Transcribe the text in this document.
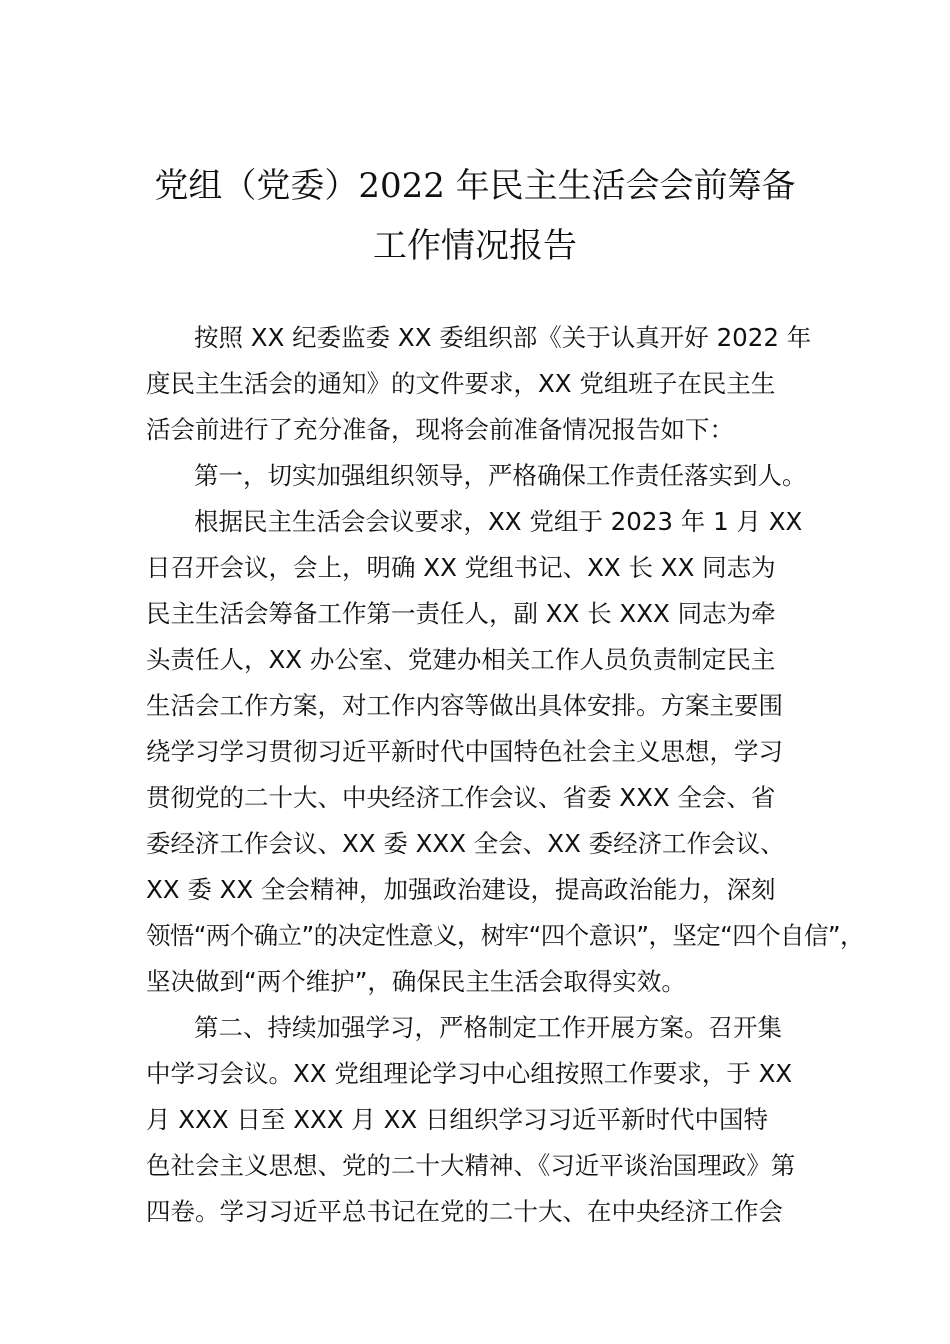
党组（党委）2022 年民主生活会会前筹备
工作情况报告

按照 XX 纪委监委 XX 委组织部《关于认真开好 2022 年

度民主生活会的通知》的文件要求，XX 党组班子在民主生

活会前进行了充分准备，现将会前准备情况报告如下：

第一，切实加强组织领导，严格确保工作责任落实到人。

根据民主生活会会议要求，XX 党组于 2023 年 1 月 XX

日召开会议，会上，明确 XX 党组书记、XX 长 XX 同志为

民主生活会筹备工作第一责任人，副 XX 长 XXX 同志为牵

头责任人，XX 办公室、党建办相关工作人员负责制定民主

生活会工作方案，对工作内容等做出具体安排。方案主要围

绕学习学习贯彻习近平新时代中国特色社会主义思想，学习

贯彻党的二十大、中央经济工作会议、省委 XXX 全会、省

委经济工作会议、XX 委 XXX 全会、XX 委经济工作会议、

XX 委 XX 全会精神，加强政治建设，提高政治能力，深刻

领悟“两个确立”的决定性意义，树牢“四个意识”，坚定“四个自信”，

坚决做到“两个维护”，确保民主生活会取得实效。

第二、持续加强学习，严格制定工作开展方案。召开集

中学习会议。XX 党组理论学习中心组按照工作要求，于 XX

月 XXX 日至 XXX 月 XX 日组织学习习近平新时代中国特

色社会主义思想、党的二十大精神、《习近平谈治国理政》第

四卷。学习习近平总书记在党的二十大、在中央经济工作会
